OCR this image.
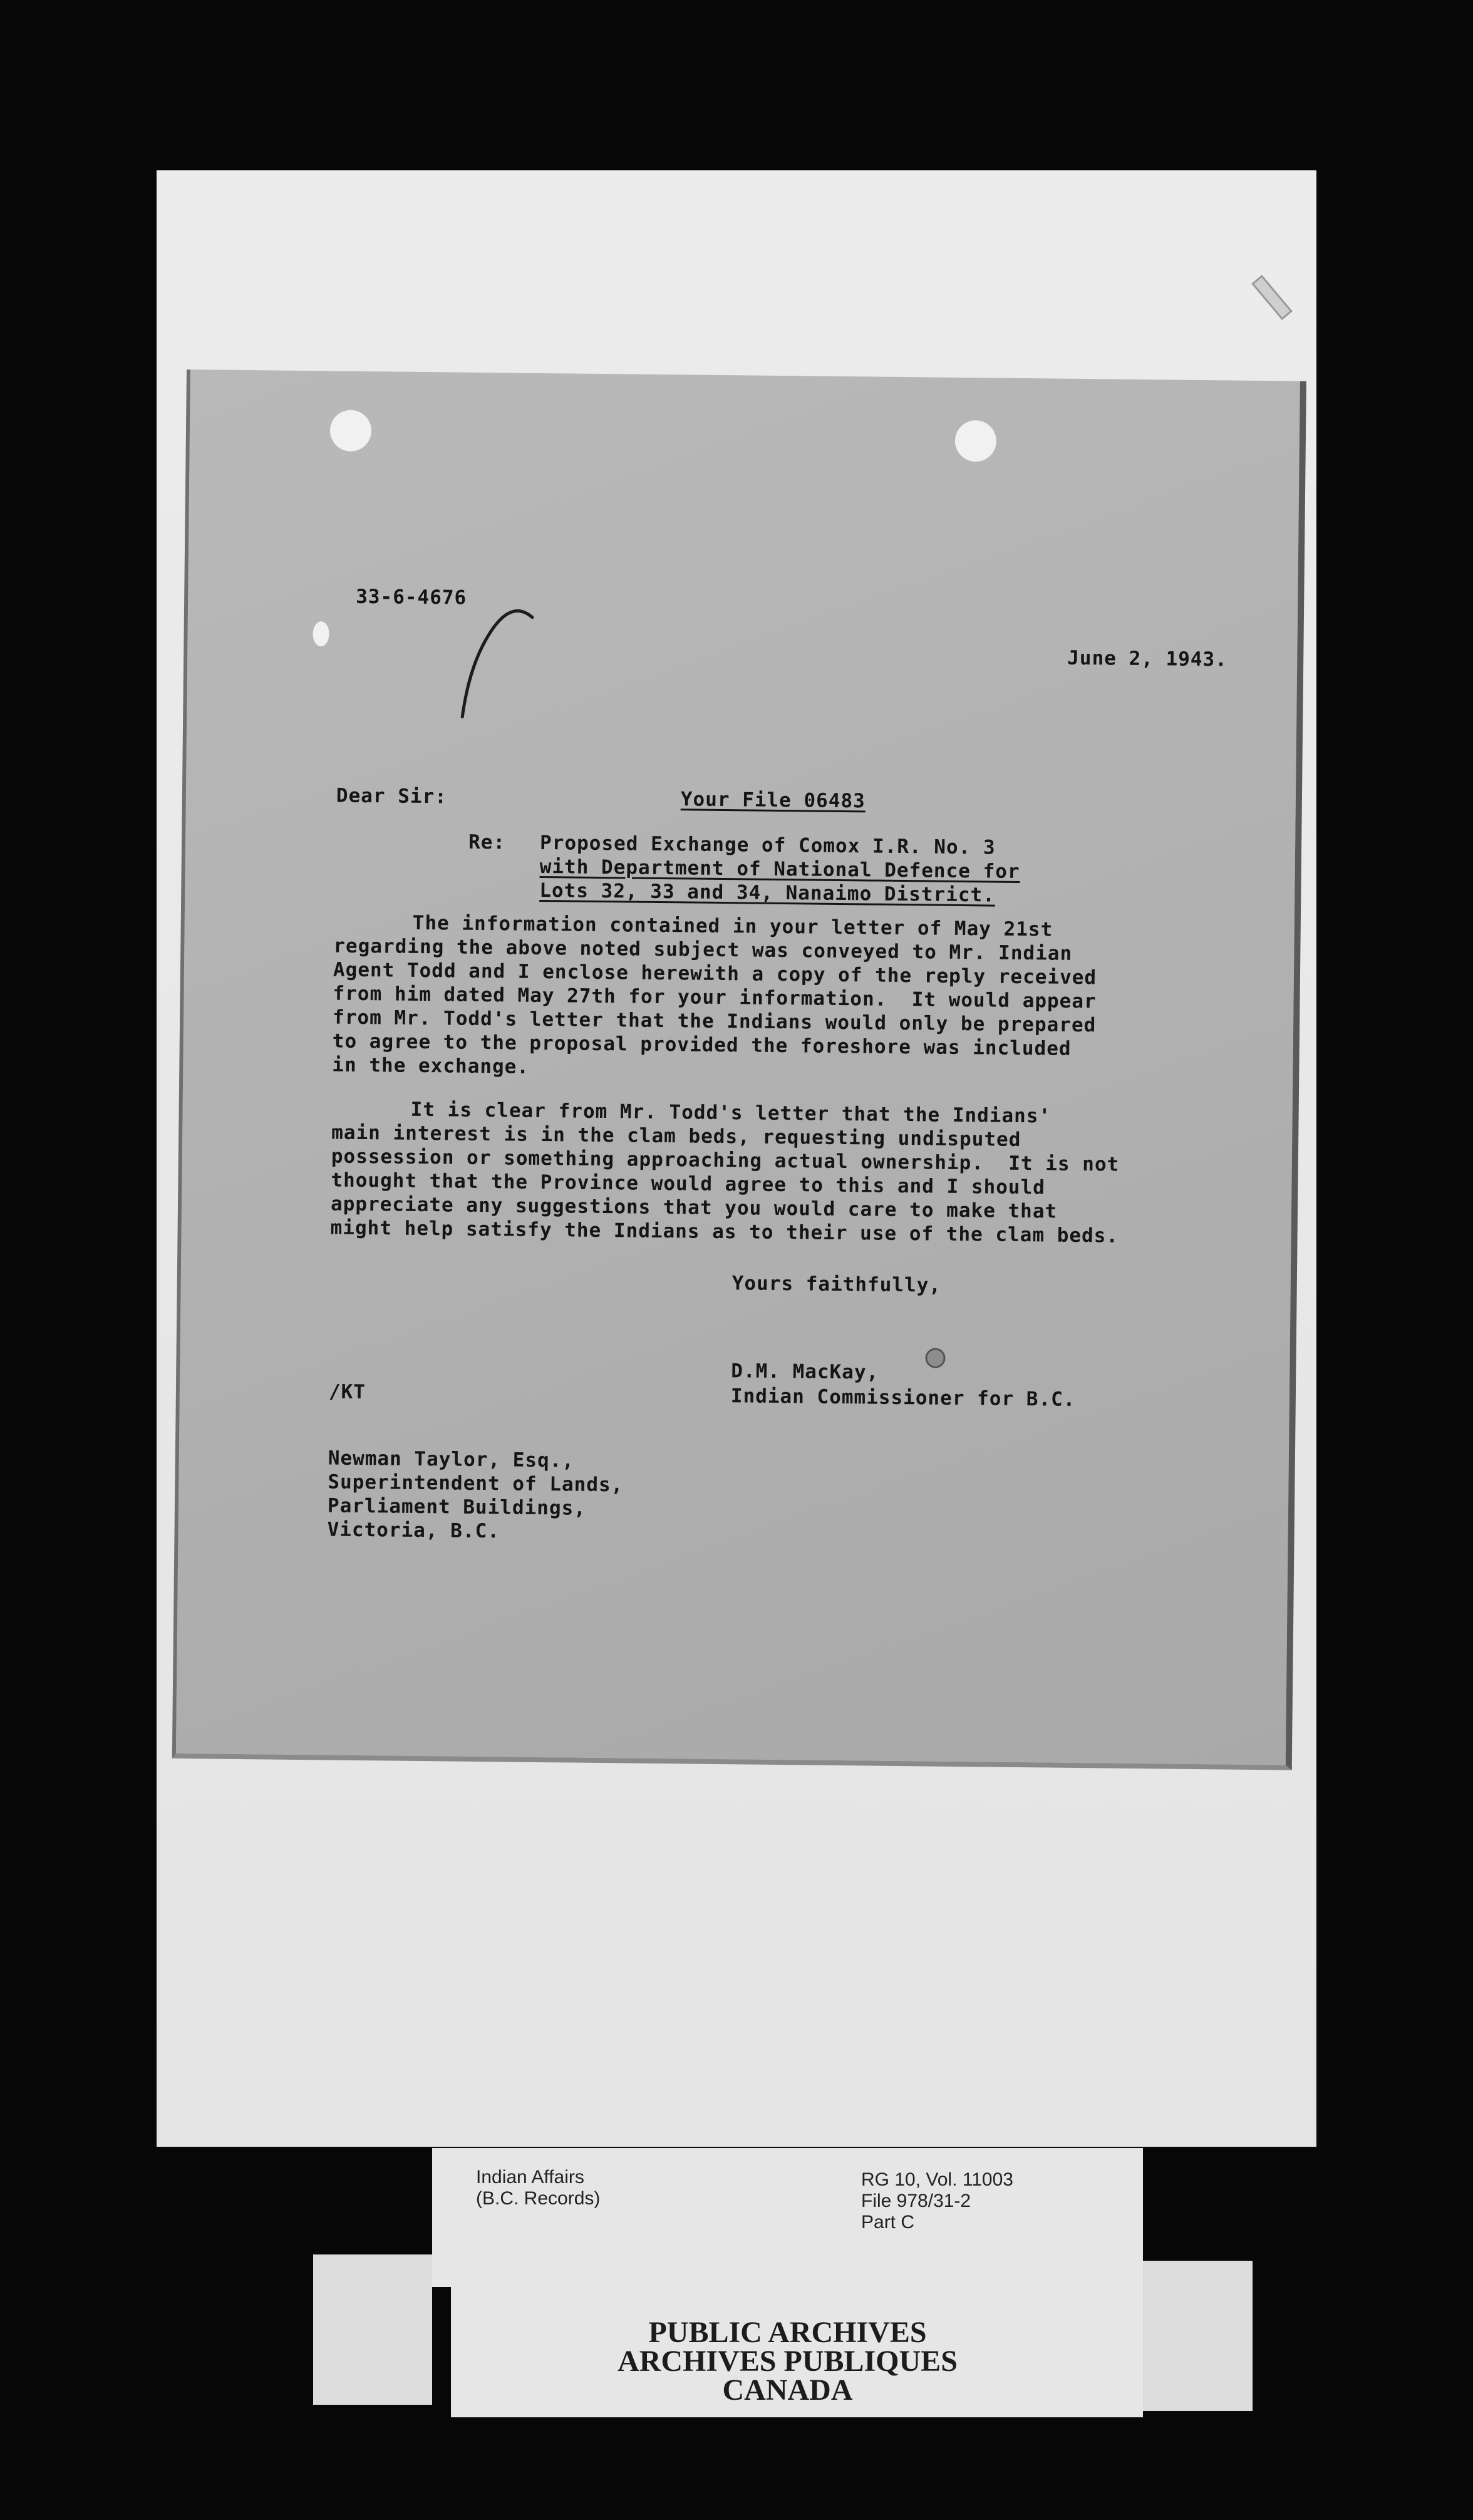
33-6-4676
June 2, 1943.
Dear Sir:	Your File 06483
Re: Proposed Exchange of Comox I.R. No. 3
with Department of National Defence for
Lots 32, 33 and 34, Nanaimo District.
The information contained in your letter of May 21st
regarding the above noted subject was conveyed to Mr. Indian
Agent Todd and I enclose herewith a copy of the reply received
from him dated May 27th for your information.  It would appear
from Mr. Todd's letter that the Indians would only be prepared
to agree to the proposal provided the foreshore was included
in the exchange.
It is clear from Mr. Todd's letter that the Indians'
main interest is in the clam beds, requesting undisputed
possession or something approaching actual ownership.  It is not
thought that the Province would agree to this and I should
appreciate any suggestions that you would care to make that
might help satisfy the Indians as to their use of the clam beds.
Yours faithfully,
D.M. MacKay,
Indian Commissioner for B.C.
/KT
Newman Taylor, Esq.,
Superintendent of Lands,
Parliament Buildings,
Victoria, B.C.
Indian Affairs
(B.C. Records)
RG 10, Vol. 11003
File 978/31-2
Part C
PUBLIC ARCHIVES
ARCHIVES PUBLIQUES
CANADA
